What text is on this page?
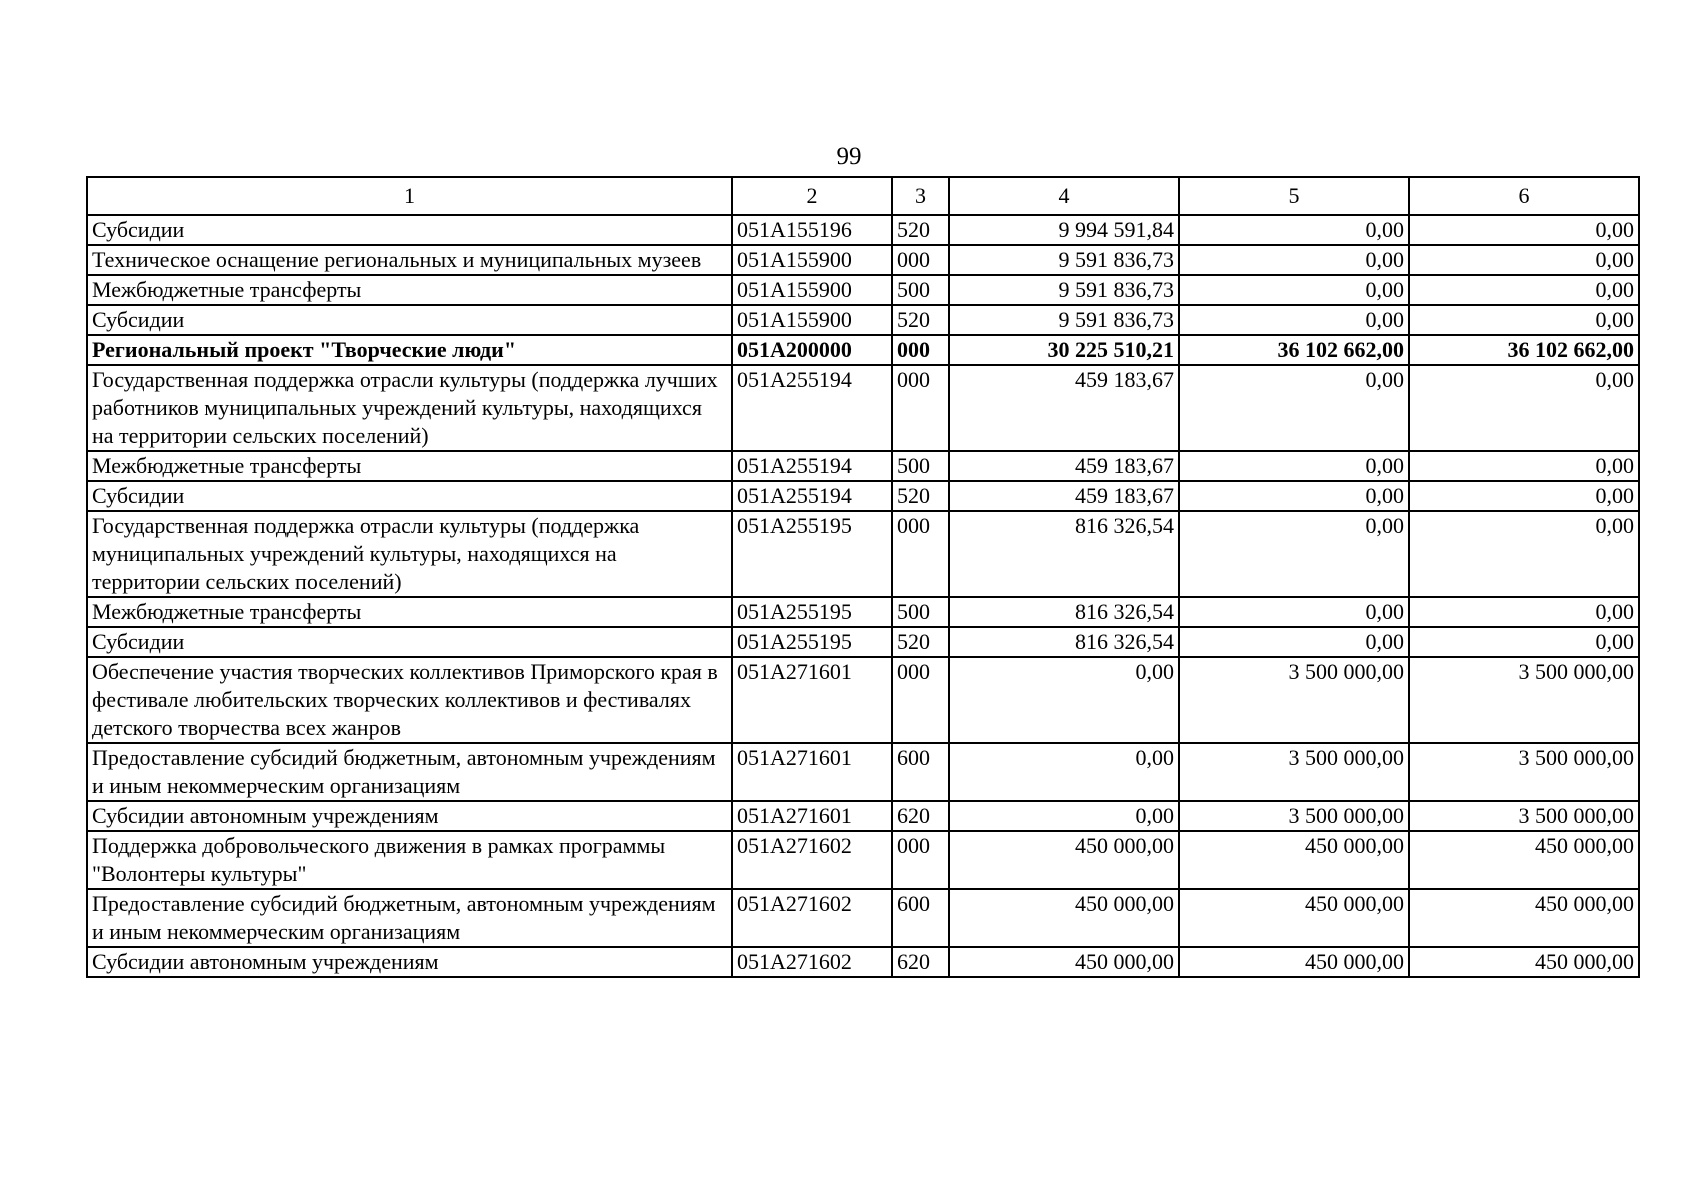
99
1	2	3	4	5	6
Субсидии	051A155196	520	9 994 591,84	0,00	0,00
Техническое оснащение региональных и муниципальных музеев	051A155900	000	9 591 836,73	0,00	0,00
Межбюджетные трансферты	051A155900	500	9 591 836,73	0,00	0,00
Субсидии	051A155900	520	9 591 836,73	0,00	0,00
Региональный проект "Творческие люди"	051A200000	000	30 225 510,21	36 102 662,00	36 102 662,00
Государственная поддержка отрасли культуры (поддержка лучших работников муниципальных учреждений культуры, находящихся на территории сельских поселений)	051A255194	000	459 183,67	0,00	0,00
Межбюджетные трансферты	051A255194	500	459 183,67	0,00	0,00
Субсидии	051A255194	520	459 183,67	0,00	0,00
Государственная поддержка отрасли культуры (поддержка муниципальных учреждений культуры, находящихся на территории сельских поселений)	051A255195	000	816 326,54	0,00	0,00
Межбюджетные трансферты	051A255195	500	816 326,54	0,00	0,00
Субсидии	051A255195	520	816 326,54	0,00	0,00
Обеспечение участия творческих коллективов Приморского края в фестивале любительских творческих коллективов и фестивалях детского творчества всех жанров	051A271601	000	0,00	3 500 000,00	3 500 000,00
Предоставление субсидий бюджетным, автономным учреждениям и иным некоммерческим организациям	051A271601	600	0,00	3 500 000,00	3 500 000,00
Субсидии автономным учреждениям	051A271601	620	0,00	3 500 000,00	3 500 000,00
Поддержка добровольческого движения в рамках программы "Волонтеры культуры"	051A271602	000	450 000,00	450 000,00	450 000,00
Предоставление субсидий бюджетным, автономным учреждениям и иным некоммерческим организациям	051A271602	600	450 000,00	450 000,00	450 000,00
Субсидии автономным учреждениям	051A271602	620	450 000,00	450 000,00	450 000,00
